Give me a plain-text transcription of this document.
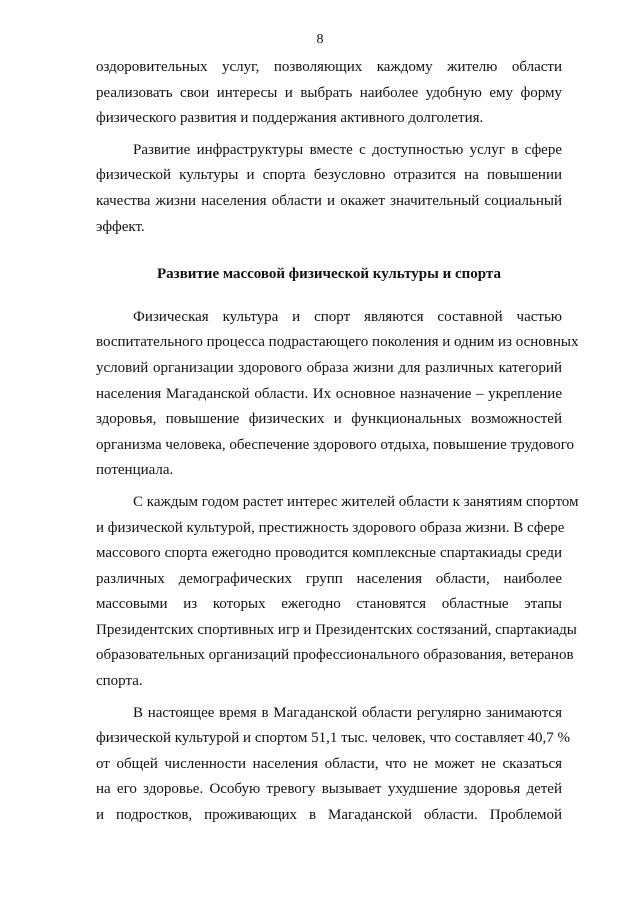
8
оздоровительных услуг, позволяющих каждому жителю области
реализовать свои интересы и выбрать наиболее удобную ему форму
физического развития и поддержания активного долголетия.
Развитие инфраструктуры вместе с доступностью услуг в сфере
физической культуры и спорта безусловно отразится на повышении
качества жизни населения области и окажет значительный социальный
эффект.
Развитие массовой физической культуры и спорта
Физическая культура и спорт являются составной частью
воспитательного процесса подрастающего поколения и одним из основных
условий организации здорового образа жизни для различных категорий
населения Магаданской области. Их основное назначение – укрепление
здоровья, повышение физических и функциональных возможностей
организма человека, обеспечение здорового отдыха, повышение трудового
потенциала.
С каждым годом растет интерес жителей области к занятиям спортом
и физической культурой, престижность здорового образа жизни. В сфере
массового спорта ежегодно проводится комплексные спартакиады среди
различных демографических групп населения области, наиболее
массовыми из которых ежегодно становятся областные этапы
Президентских спортивных игр и Президентских состязаний, спартакиады
образовательных организаций профессионального образования, ветеранов
спорта.
В настоящее время в Магаданской области регулярно занимаются
физической культурой и спортом 51,1 тыс. человек, что составляет 40,7 %
от общей численности населения области, что не может не сказаться
на его здоровье. Особую тревогу вызывает ухудшение здоровья детей
и подростков, проживающих в Магаданской области. Проблемой
